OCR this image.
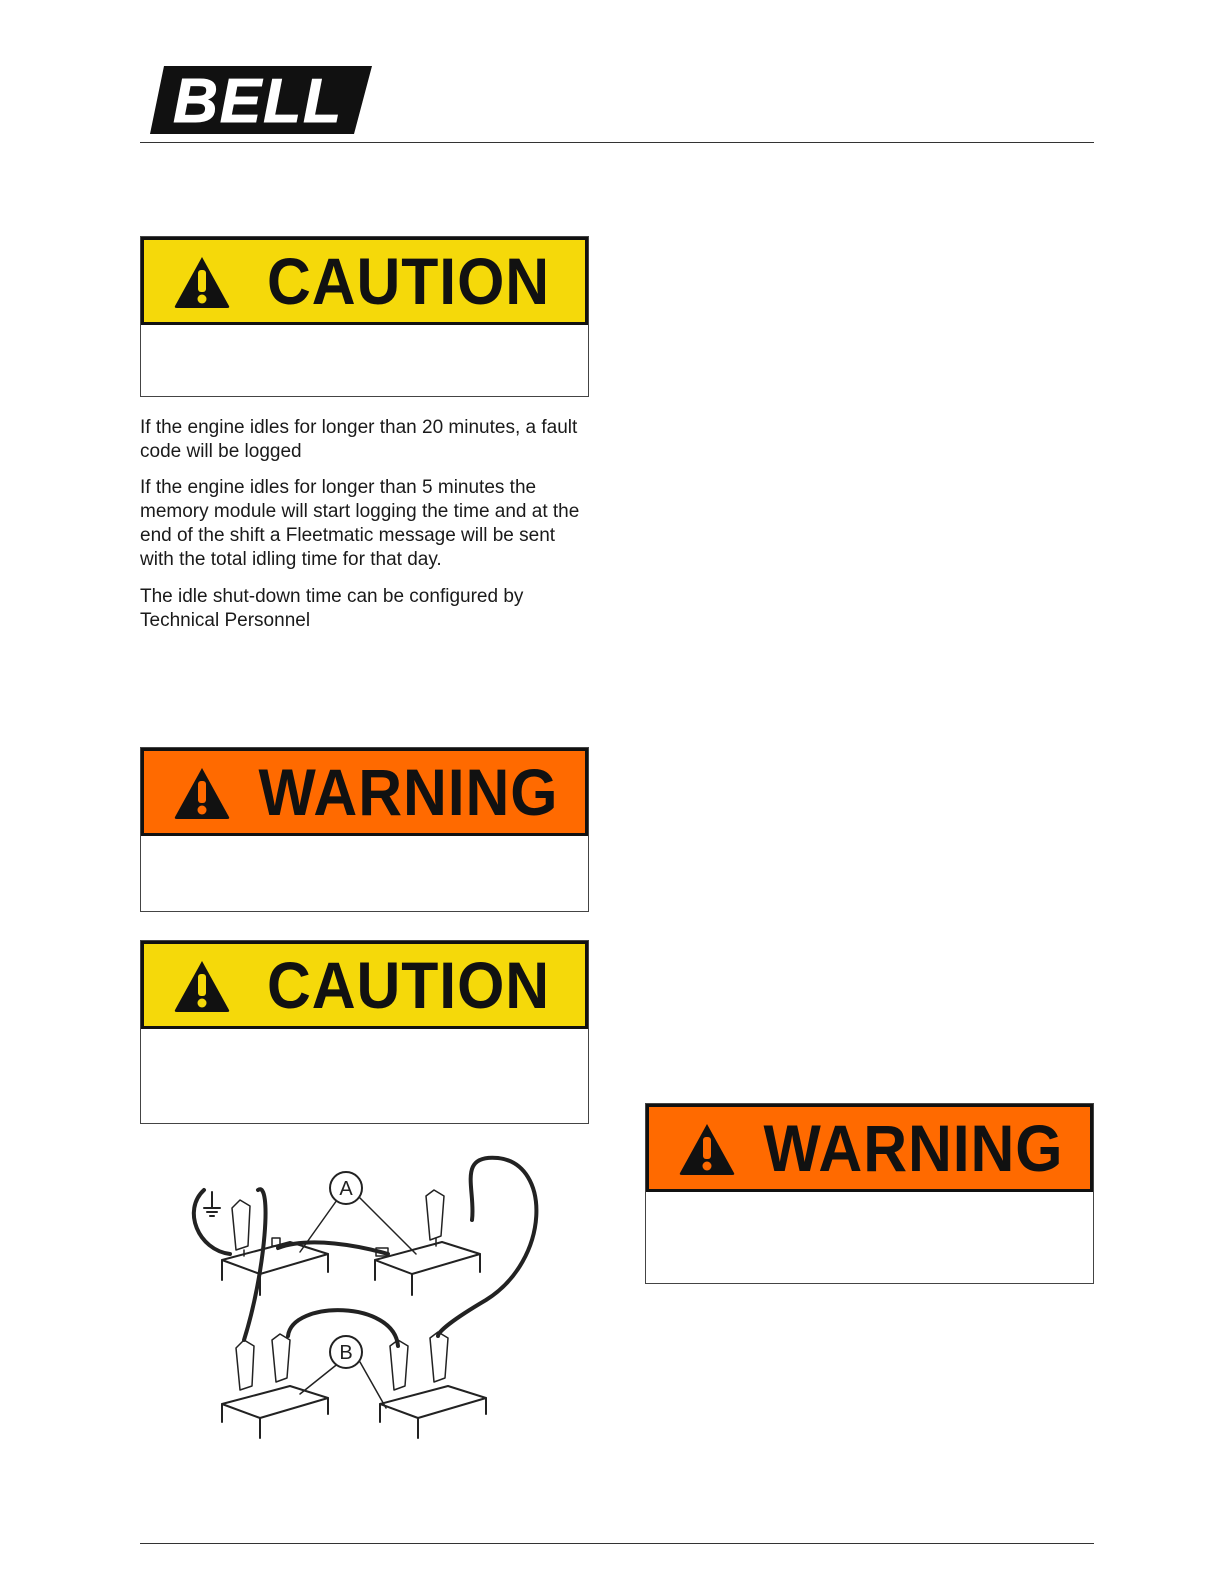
BELL
CAUTION

If the engine idles for longer than 20 minutes, a fault code will be logged

If the engine idles for longer than 5 minutes the memory module will start logging the time and at the end of the shift a Fleetmatic message will be sent with the total idling time for that day.

The idle shut-down time can be configured by Technical Personnel

WARNING
CAUTION
WARNING
A
B
